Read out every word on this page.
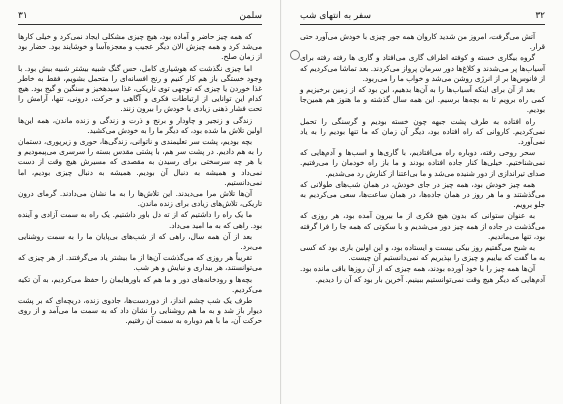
سلمن
۳۱

که همه چیز حاضر و آماده بود، هیچ چیزی مشکلی ایجاد نمی‌کرد و خیلی کارها می‌شد کرد و همه چیزش الان دیگر عجیب و معجزه‌آسا و خوشایند بود. حضار بود از زمان صلح.

اما چیزی نگذشت که هوشیاری کامل، حس گنگ شبیه بیشتر شبیه بیش بود. با وجود خستگی باز هم کار کنیم و رنج افسانه‌ای را متحمل بشویم، فقط به خاطر غذا خوردن یا چیزی که توجهی توی تاریکی، غذا سیدهخیز و سنگین و گیج بود. هیچ کدام این توانایی از ارتباطات فکری و آگاهی و حرکت، درونی، تنها، آرامش را تحت فشار ذهنی زیادی با خودش را بیرون زنند.

زندگی و زنجیر و چاودار و برنج و ذرت و زندگی و زنده ماندن، همه این‌ها اولین تلاش ما شده بود، که دیگر ما را به خودش می‌کشید.

بچه بودیم، پشت سر تعلیمندی و ناتوانی، زندگی‌ها، حوری و زیرپوری، دستمان را به هم دادیم. در پشت سر هم، با پشتی مقدس بسته را سرسری می‌پیمودیم و با هر چه سرسختی برای رسیدن به مقصدی که مسیرش هیچ وقت از دست نمی‌داد و همیشه به دنبال آن بودیم. همیشه به دنبال چیزی بودیم، اما نمی‌دانستیم.

آن‌ها تلاش مرا می‌دیدند. این تلاش‌ها را به ما نشان می‌دادند. گرمای درون تاریکی، تلاش‌های زیادی برای زنده ماندن.

ما یک راه را داشتیم که از ته دل باور داشتیم. یک راه به سمت آزادی و آینده بود. راهی که به ما امید می‌داد.

بعد از آن همه سال، راهی که از شب‌های بی‌پایان ما را به سمت روشنایی می‌برد.

تقریباً هر روزی که می‌گذشت آن‌ها از ما بیشتر یاد می‌گرفتند. از هر چیزی که می‌توانستند، هر بیداری و نیایش و هر شب.

بچه‌ها و رودخانه‌های دور و ما هم که باورهایمان را حفظ می‌کردیم، به آن تکیه می‌کردیم.

طرف یک شب چشم انداز، از دوردست‌ها، جادوی زنده، دریچه‌ای که بر پشت دیوار باز شد و به ما هم روشنایی را نشان داد که به سمت ما می‌آمد و از روی حرکت آن، ما با هم دوباره به سمت آن رفتیم.

۳۲
سفر به انتهای شب

آتش می‌گرفت، امروز من شدید کاروان همه جور چیزی با خودش می‌آورد حتی قرار.

گروه بیگاری خسته و کوفته اطراف گاری می‌افتاد و گاری ها رفته رفته برای آسیاب‌ها پر می‌شدند و کلاغ‌ها دور سرمان پرواز می‌کردند. بعد تماشا می‌کردیم که از فانوس‌ها بر از انرژی روشن می‌شد و خواب ما را می‌ربود.

بعد از آن برای اینکه آسیاب‌ها را به آن‌ها بدهیم، این بود که از زمین برخیزیم و کمی راه برویم تا به بچه‌ها برسیم. این همه سال گذشته و ما هنوز هم همین‌جا بودیم.

راه افتاده به طرف پشت جبهه چون خسته بودیم و گرسنگی را تحمل نمی‌کردیم. کاروانی که راه افتاده بود، دیگر آن زمان که ما تنها بودیم را به یاد نمی‌آورد.

سحر روحی رفته، دوباره راه می‌افتادیم، با گاری‌ها و اسب‌ها و آدم‌هایی که نمی‌شناختیم. خیلی‌ها کنار جاده افتاده بودند و ما باز راه خودمان را می‌رفتیم. صدای تیراندازی از دور شنیده می‌شد و ما بی‌اعتنا از کنارش رد می‌شدیم.

همه چیز خودش بود، همه چیز در جای خودش، در همان شب‌های طولانی که می‌گذشتند و ما هر روز در همان جاده‌ها، در همان ساعت‌ها، سعی می‌کردیم به جلو برویم.

به عنوان ستوانی که بدون هیچ فکری از ما بیرون آمده بود، هر روزی که می‌گذشت در جاده از همه چیز دور می‌شدیم و با سکوتی که همه جا را فرا گرفته بود، تنها می‌ماندیم.

به شبح می‌گفتیم روز بیکی بیست و ایستاده بود، و این اولین باری بود که کسی به ما گفت که بیاییم و چیزی را بپذیریم که نمی‌دانستیم آن چیست.

آن‌ها همه چیز را با خود آورده بودند، همه چیزی که از آن روزها باقی مانده بود. آدم‌هایی که دیگر هیچ وقت نمی‌توانستیم ببینیم. آخرین بار بود که آن را دیدیم.
